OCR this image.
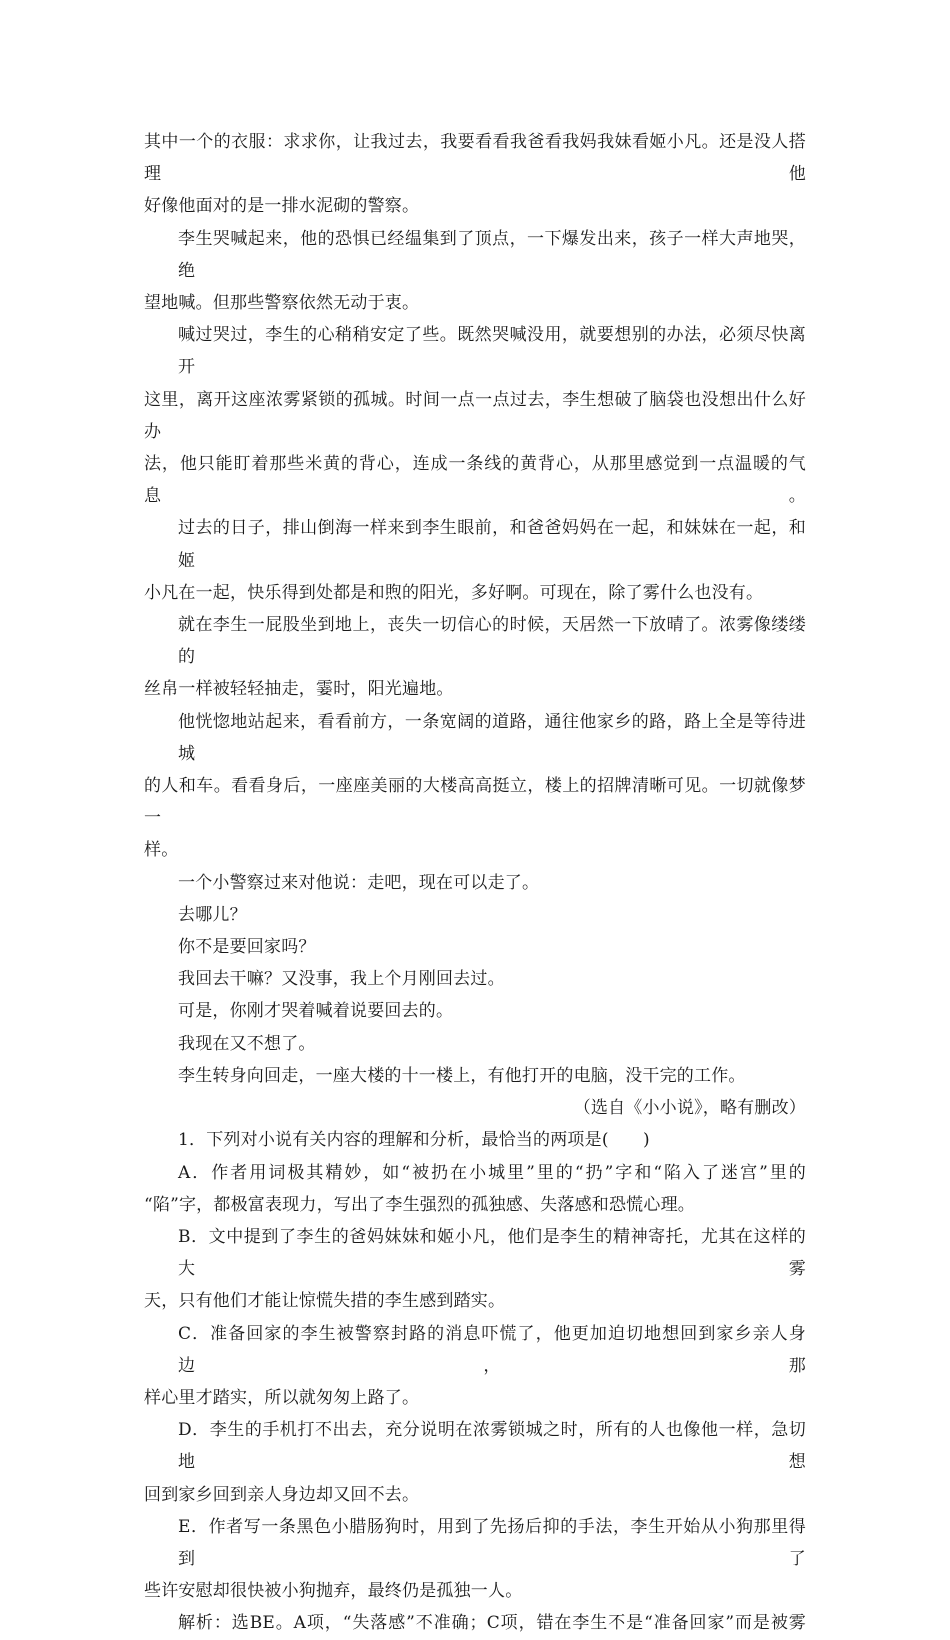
其中一个的衣服：求求你，让我过去，我要看看我爸看我妈我妹看姬小凡。还是没人搭理他
好像他面对的是一排水泥砌的警察。
李生哭喊起来，他的恐惧已经缊集到了顶点，一下爆发出来，孩子一样大声地哭，绝
望地喊。但那些警察依然无动于衷。
喊过哭过，李生的心稍稍安定了些。既然哭喊没用，就要想别的办法，必须尽快离开
这里，离开这座浓雾紧锁的孤城。时间一点一点过去，李生想破了脑袋也没想出什么好办
法，他只能盯着那些米黄的背心，连成一条线的黄背心，从那里感觉到一点温暖的气息。
过去的日子，排山倒海一样来到李生眼前，和爸爸妈妈在一起，和妹妹在一起，和姬
小凡在一起，快乐得到处都是和煦的阳光，多好啊。可现在，除了雾什么也没有。
就在李生一屁股坐到地上，丧失一切信心的时候，天居然一下放晴了。浓雾像缕缕的
丝帛一样被轻轻抽走，霎时，阳光遍地。
他恍惚地站起来，看看前方，一条宽阔的道路，通往他家乡的路，路上全是等待进城
的人和车。看看身后，一座座美丽的大楼高高挺立，楼上的招牌清晰可见。一切就像梦一
样。
一个小警察过来对他说：走吧，现在可以走了。
去哪儿？
你不是要回家吗？
我回去干嘛？又没事，我上个月刚回去过。
可是，你刚才哭着喊着说要回去的。
我现在又不想了。
李生转身向回走，一座大楼的十一楼上，有他打开的电脑，没干完的工作。
（选自《小小说》，略有删改）
1．下列对小说有关内容的理解和分析，最恰当的两项是(　　)
A．作者用词极其精妙，如“被扔在小城里”里的“扔”字和“陷入了迷宫”里的
“陷”字，都极富表现力，写出了李生强烈的孤独感、失落感和恐慌心理。
B．文中提到了李生的爸妈妹妹和姬小凡，他们是李生的精神寄托，尤其在这样的大雾
天，只有他们才能让惊慌失措的李生感到踏实。
C．准备回家的李生被警察封路的消息吓慌了，他更加迫切地想回到家乡亲人身边，那
样心里才踏实，所以就匆匆上路了。
D．李生的手机打不出去，充分说明在浓雾锁城之时，所有的人也像他一样，急切地想
回到家乡回到亲人身边却又回不去。
E．作者写一条黑色小腊肠狗时，用到了先扬后抑的手法，李生开始从小狗那里得到了
些许安慰却很快被小狗抛弃，最终仍是孤独一人。
解析：选BE。A项，“失落感”不准确；C项，错在李生不是“准备回家”而是被雾
